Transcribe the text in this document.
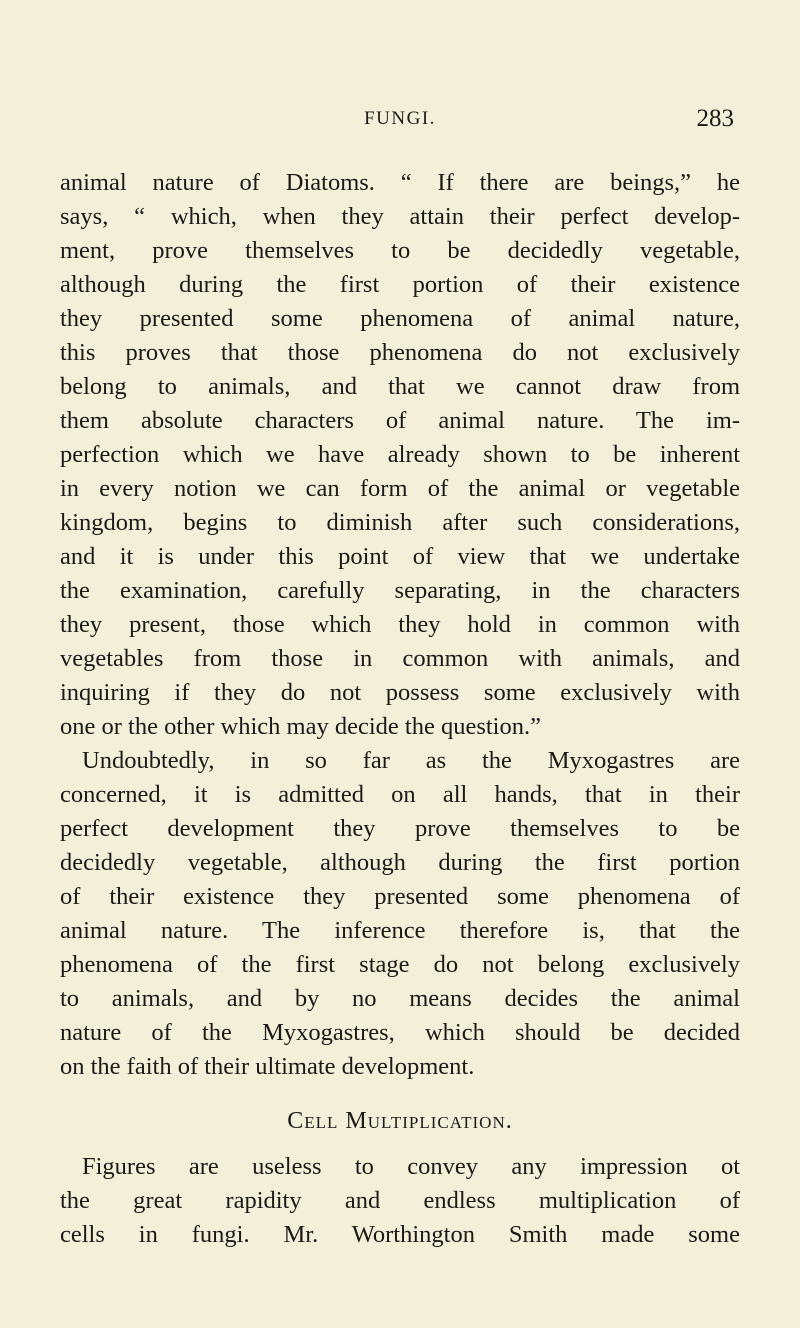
FUNGI.	283
animal nature of Diatoms. “ If there are beings,” he
says, “ which, when they attain their perfect develop-
ment, prove themselves to be decidedly vegetable,
although during the first portion of their existence
they presented some phenomena of animal nature,
this proves that those phenomena do not exclusively
belong to animals, and that we cannot draw from
them absolute characters of animal nature. The im-
perfection which we have already shown to be inherent
in every notion we can form of the animal or vegetable
kingdom, begins to diminish after such considerations,
and it is under this point of view that we undertake
the examination, carefully separating, in the characters
they present, those which they hold in common with
vegetables from those in common with animals, and
inquiring if they do not possess some exclusively with
one or the other which may decide the question.”
Undoubtedly, in so far as the Myxogastres are
concerned, it is admitted on all hands, that in their
perfect development they prove themselves to be
decidedly vegetable, although during the first portion
of their existence they presented some phenomena of
animal nature. The inference therefore is, that the
phenomena of the first stage do not belong exclusively
to animals, and by no means decides the animal
nature of the Myxogastres, which should be decided
on the faith of their ultimate development.
Cell Multiplication.
Figures are useless to convey any impression ot
the great rapidity and endless multiplication of
cells in fungi. Mr. Worthington Smith made some
